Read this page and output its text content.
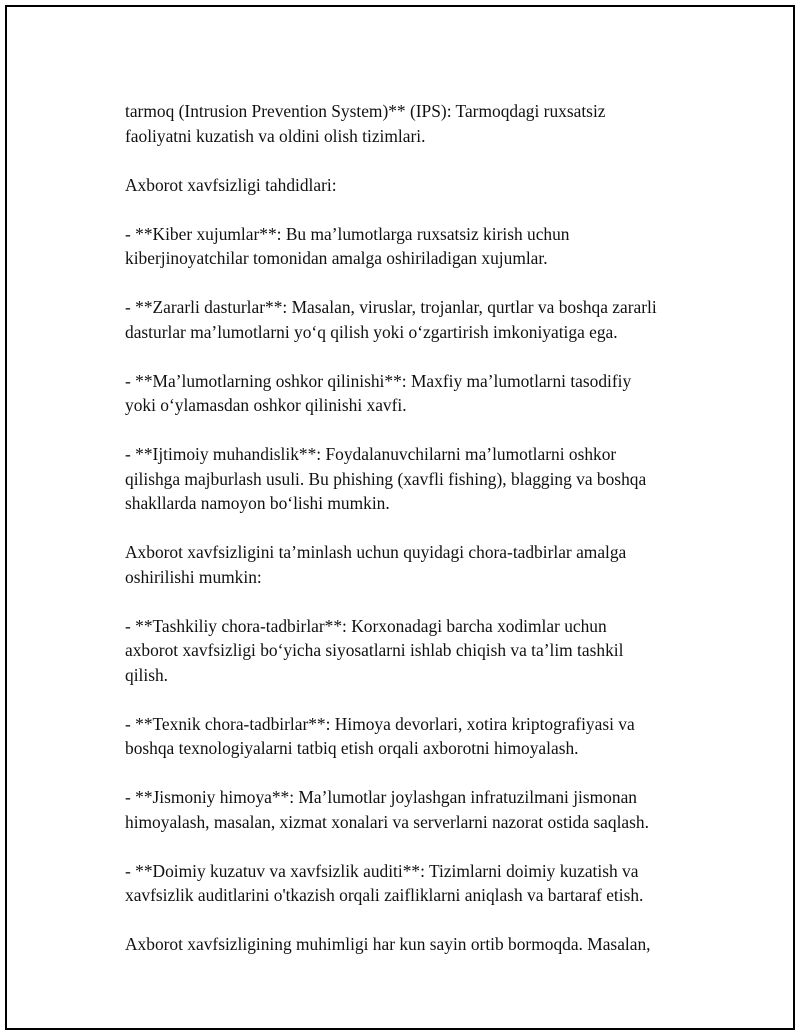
tarmoq (Intrusion Prevention System)** (IPS): Tarmoqdagi ruxsatsiz
faoliyatni kuzatish va oldini olish tizimlari.

Axborot xavfsizligi tahdidlari:

- **Kiber xujumlar**: Bu ma’lumotlarga ruxsatsiz kirish uchun
kiberjinoyatchilar tomonidan amalga oshiriladigan xujumlar.

- **Zararli dasturlar**: Masalan, viruslar, trojanlar, qurtlar va boshqa zararli
dasturlar ma’lumotlarni yo‘q qilish yoki o‘zgartirish imkoniyatiga ega.

- **Ma’lumotlarning oshkor qilinishi**: Maxfiy ma’lumotlarni tasodifiy
yoki o‘ylamasdan oshkor qilinishi xavfi.

- **Ijtimoiy muhandislik**: Foydalanuvchilarni ma’lumotlarni oshkor
qilishga majburlash usuli. Bu phishing (xavfli fishing), blagging va boshqa
shakllarda namoyon bo‘lishi mumkin.

Axborot xavfsizligini ta’minlash uchun quyidagi chora-tadbirlar amalga
oshirilishi mumkin:

- **Tashkiliy chora-tadbirlar**: Korxonadagi barcha xodimlar uchun
axborot xavfsizligi bo‘yicha siyosatlarni ishlab chiqish va ta’lim tashkil
qilish.

- **Texnik chora-tadbirlar**: Himoya devorlari, xotira kriptografiyasi va
boshqa texnologiyalarni tatbiq etish orqali axborotni himoyalash.

- **Jismoniy himoya**: Ma’lumotlar joylashgan infratuzilmani jismonan
himoyalash, masalan, xizmat xonalari va serverlarni nazorat ostida saqlash.

- **Doimiy kuzatuv va xavfsizlik auditi**: Tizimlarni doimiy kuzatish va
xavfsizlik auditlarini o'tkazish orqali zaifliklarni aniqlash va bartaraf etish.

Axborot xavfsizligining muhimligi har kun sayin ortib bormoqda. Masalan,
